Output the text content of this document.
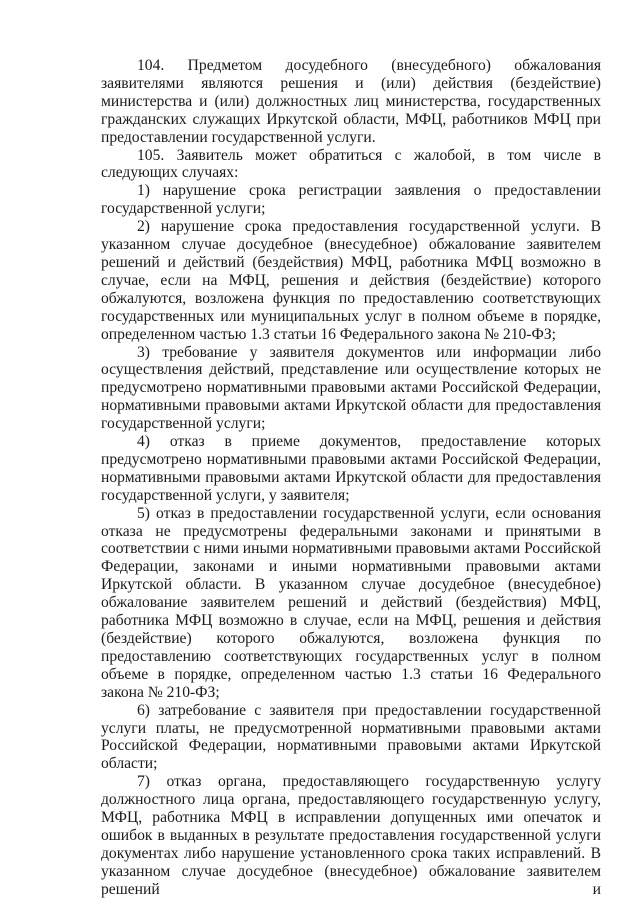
104. Предметом досудебного (внесудебного) обжалования заявителями являются решения и (или) действия (бездействие) министерства и (или) должностных лиц министерства, государственных гражданских служащих Иркутской области, МФЦ, работников МФЦ при предоставлении государственной услуги.

105. Заявитель может обратиться с жалобой, в том числе в следующих случаях:

1) нарушение срока регистрации заявления о предоставлении государственной услуги;

2) нарушение срока предоставления государственной услуги. В указанном случае досудебное (внесудебное) обжалование заявителем решений и действий (бездействия) МФЦ, работника МФЦ возможно в случае, если на МФЦ, решения и действия (бездействие) которого обжалуются, возложена функция по предоставлению соответствующих государственных или муниципальных услуг в полном объеме в порядке, определенном частью 1.3 статьи 16 Федерального закона № 210-ФЗ;

3) требование у заявителя документов или информации либо осуществления действий, представление или осуществление которых не предусмотрено нормативными правовыми актами Российской Федерации, нормативными правовыми актами Иркутской области для предоставления государственной услуги;

4) отказ в приеме документов, предоставление которых предусмотрено нормативными правовыми актами Российской Федерации, нормативными правовыми актами Иркутской области для предоставления государственной услуги, у заявителя;

5) отказ в предоставлении государственной услуги, если основания отказа не предусмотрены федеральными законами и принятыми в соответствии с ними иными нормативными правовыми актами Российской Федерации, законами и иными нормативными правовыми актами Иркутской области. В указанном случае досудебное (внесудебное) обжалование заявителем решений и действий (бездействия) МФЦ, работника МФЦ возможно в случае, если на МФЦ, решения и действия (бездействие) которого обжалуются, возложена функция по предоставлению соответствующих государственных услуг в полном объеме в порядке, определенном частью 1.3 статьи 16 Федерального закона № 210-ФЗ;

6) затребование с заявителя при предоставлении государственной услуги платы, не предусмотренной нормативными правовыми актами Российской Федерации, нормативными правовыми актами Иркутской области;

7) отказ органа, предоставляющего государственную услугу должностного лица органа, предоставляющего государственную услугу, МФЦ, работника МФЦ в исправлении допущенных ими опечаток и ошибок в выданных в результате предоставления государственной услуги документах либо нарушение установленного срока таких исправлений. В указанном случае досудебное (внесудебное) обжалование заявителем решений и
